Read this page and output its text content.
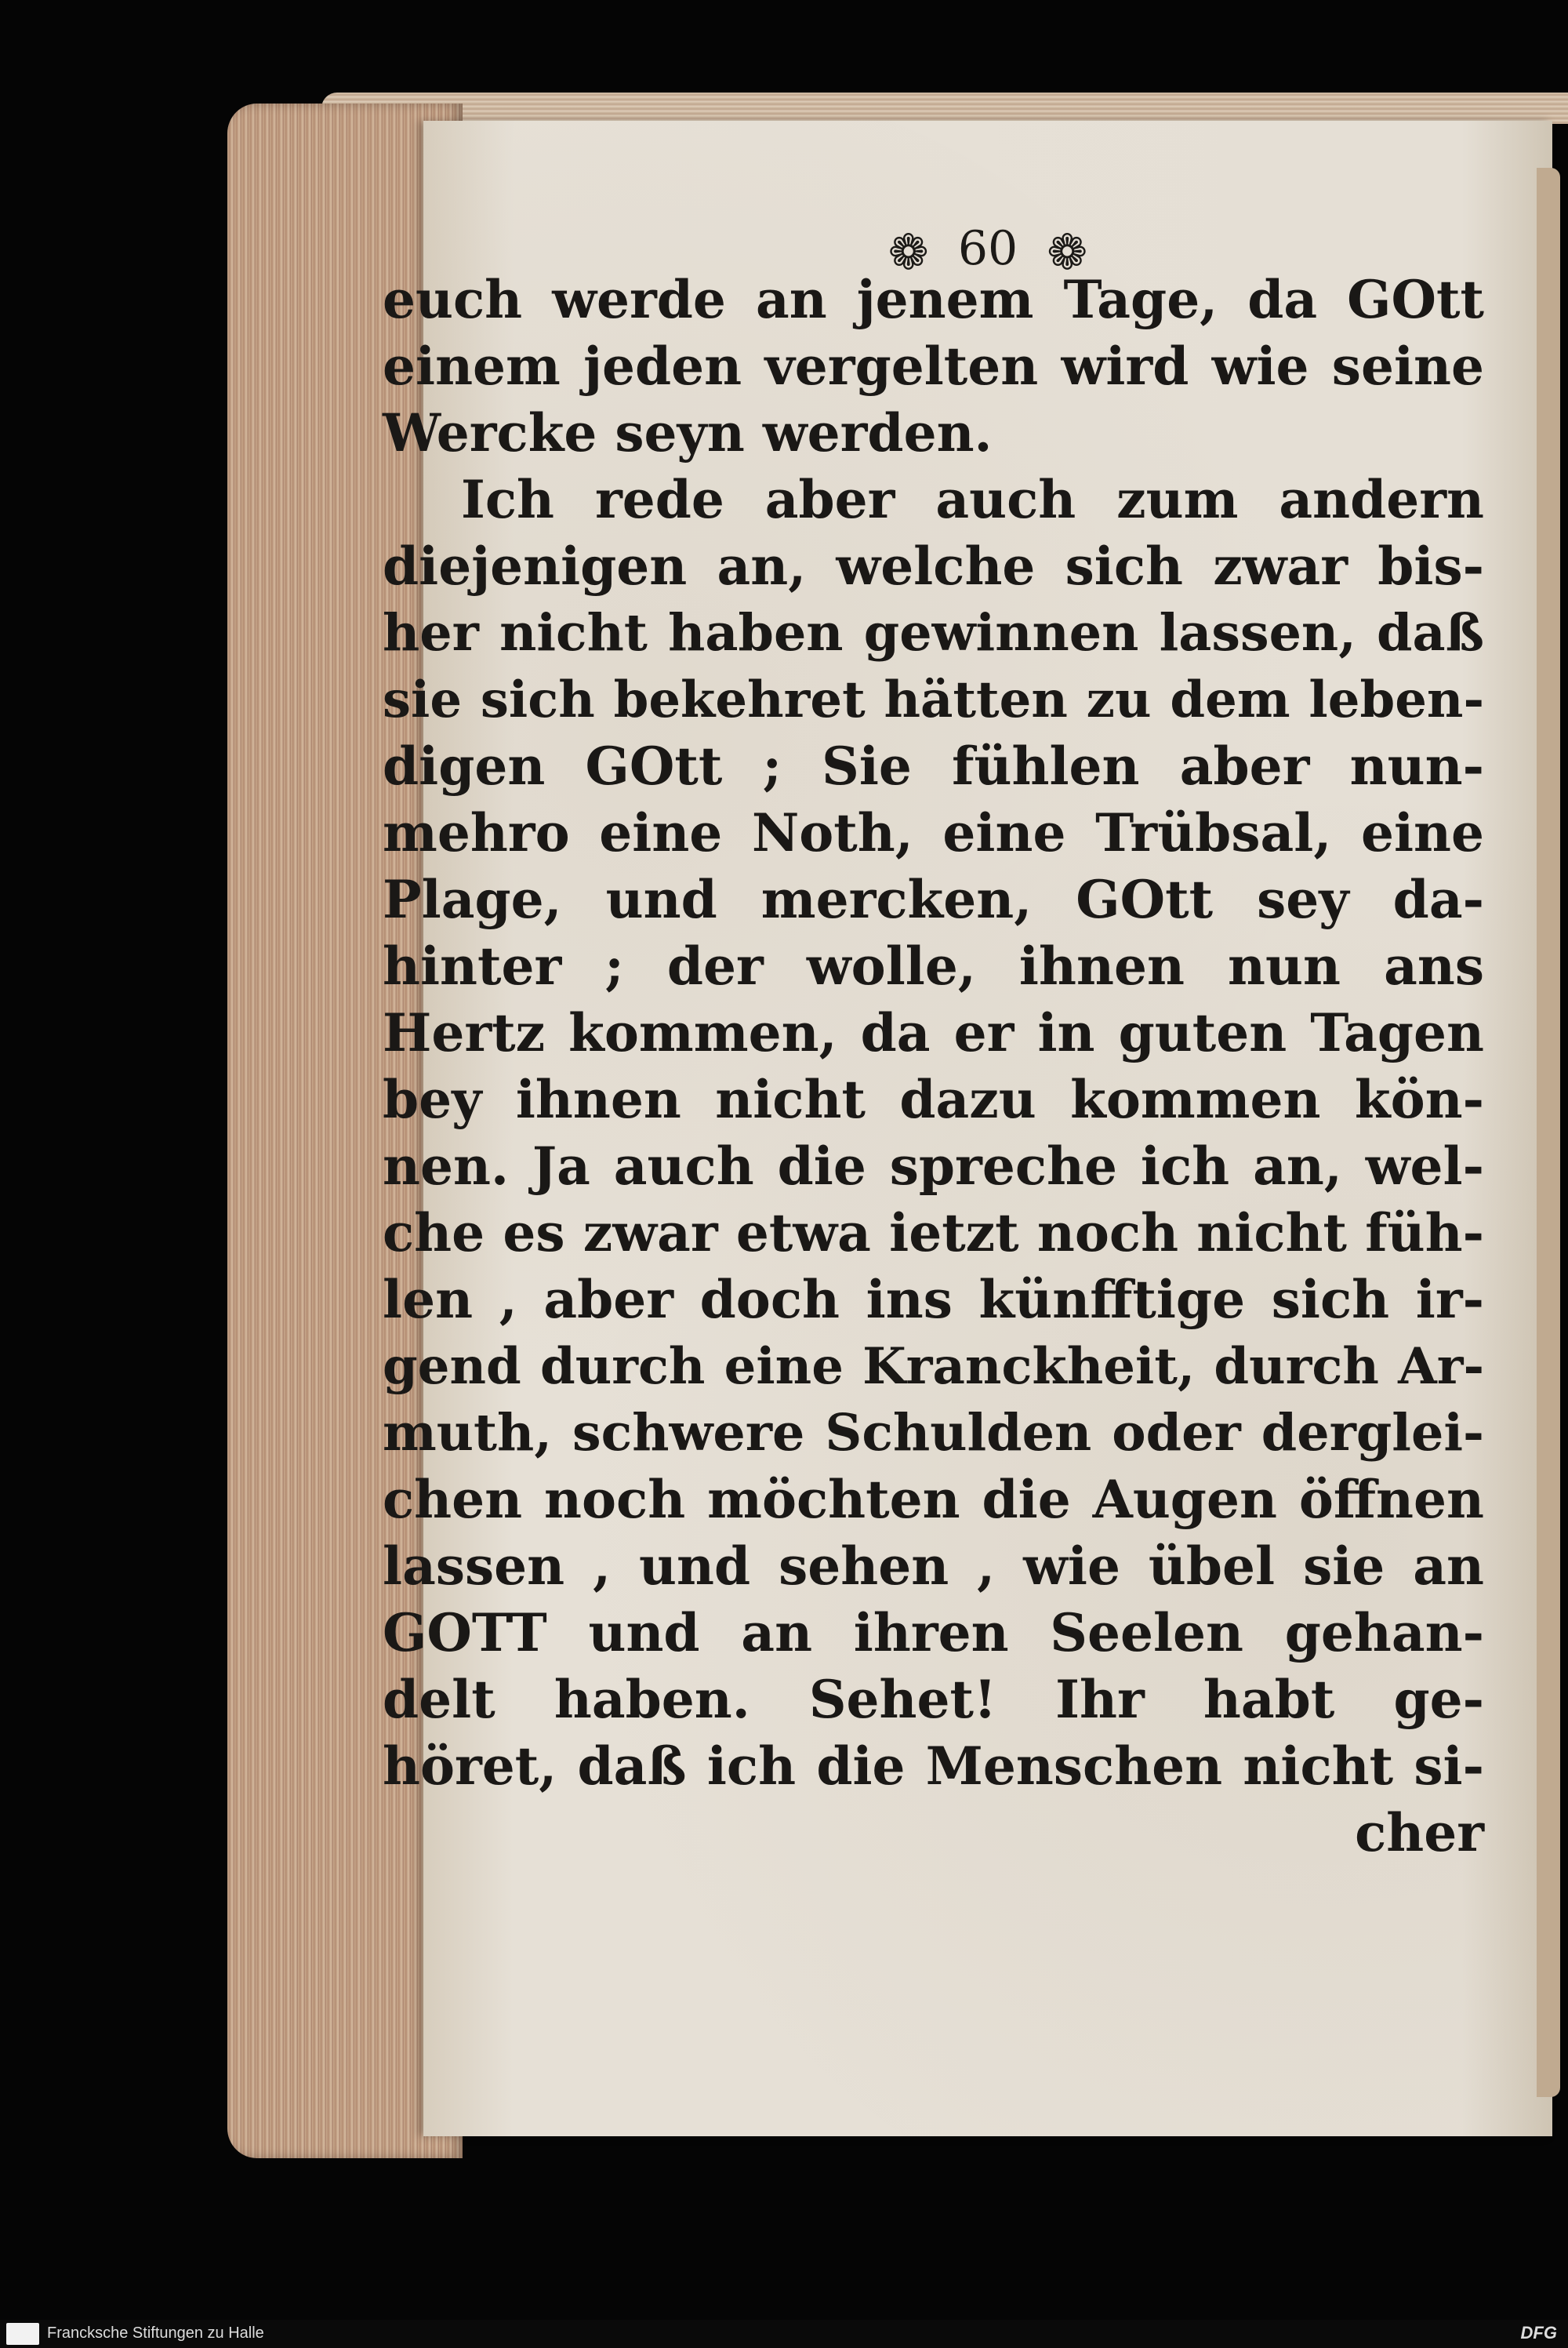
❁ 60 ❁
euch werde an jenem Tage, da GOtt
einem jeden vergelten wird wie seine
Wercke seyn werden.
Ich rede aber auch zum andern
diejenigen an, welche sich zwar bis-
her nicht haben gewinnen lassen, daß
sie sich bekehret hätten zu dem leben-
digen GOtt ; Sie fühlen aber nun-
mehro eine Noth, eine Trübsal, eine
Plage, und mercken, GOtt sey da-
hinter ; der wolle, ihnen nun ans
Hertz kommen, da er in guten Tagen
bey ihnen nicht dazu kommen kön-
nen. Ja auch die spreche ich an, wel-
che es zwar etwa ietzt noch nicht füh-
len , aber doch ins künfftige sich ir-
gend durch eine Kranckheit, durch Ar-
muth, schwere Schulden oder derglei-
chen noch möchten die Augen öffnen
lassen , und sehen , wie übel sie an
GOTT und an ihren Seelen gehan-
delt haben. Sehet! Ihr habt ge-
höret, daß ich die Menschen nicht si-
cher
Francksche Stiftungen zu Halle	DFG
